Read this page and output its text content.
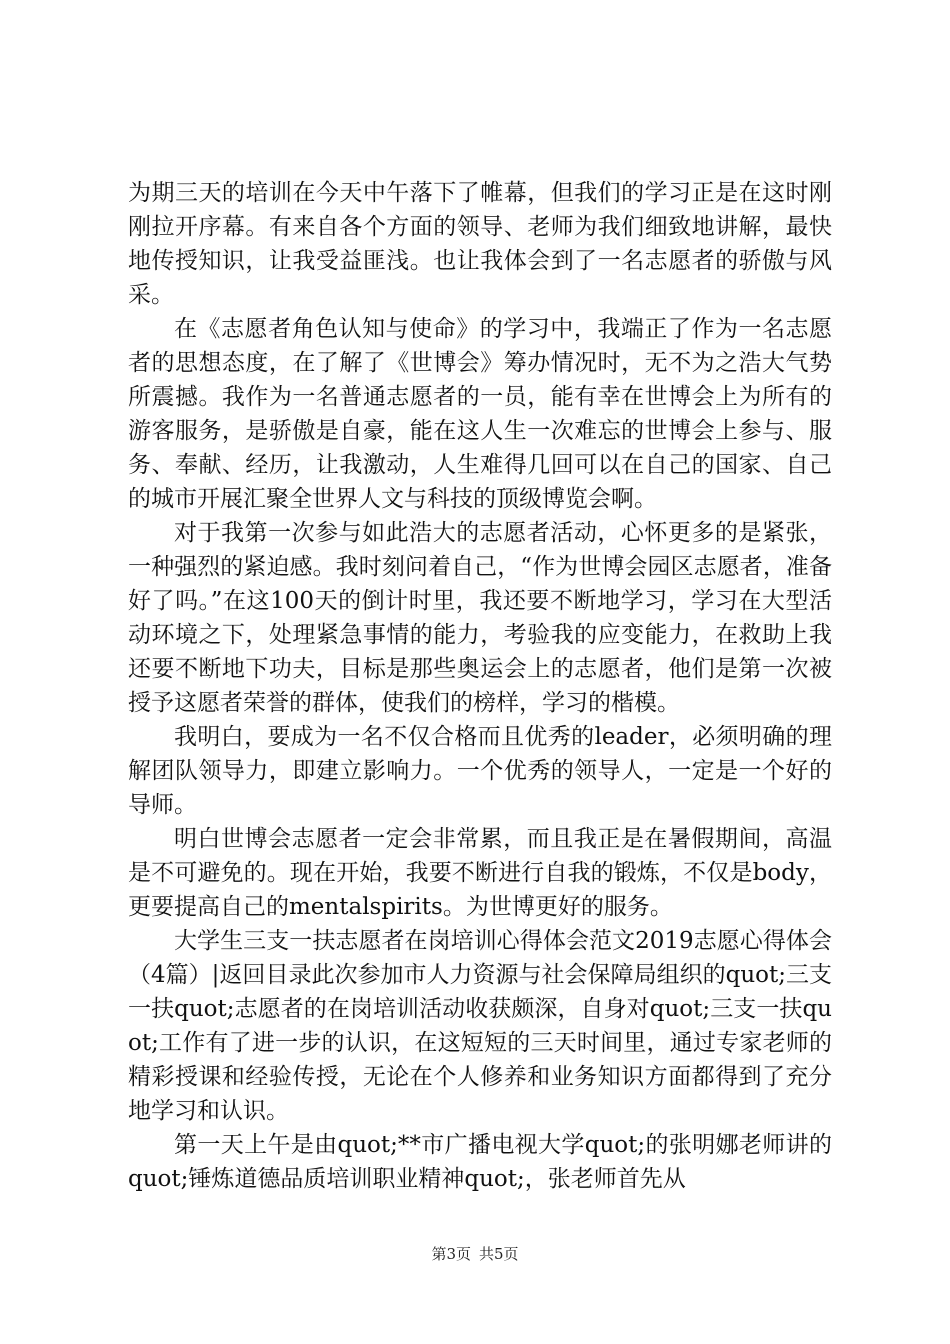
为期三天的培训在今天中午落下了帷幕，但我们的学习正是在这时刚刚拉开序幕。有来自各个方面的领导、老师为我们细致地讲解，最快地传授知识，让我受益匪浅。也让我体会到了一名志愿者的骄傲与风采。

在《志愿者角色认知与使命》的学习中，我端正了作为一名志愿者的思想态度，在了解了《世博会》筹办情况时，无不为之浩大气势所震撼。我作为一名普通志愿者的一员，能有幸在世博会上为所有的游客服务，是骄傲是自豪，能在这人生一次难忘的世博会上参与、服务、奉献、经历，让我激动，人生难得几回可以在自己的国家、自己的城市开展汇聚全世界人文与科技的顶级博览会啊。

对于我第一次参与如此浩大的志愿者活动，心怀更多的是紧张，一种强烈的紧迫感。我时刻问着自己，“作为世博会园区志愿者，准备好了吗。”在这100天的倒计时里，我还要不断地学习，学习在大型活动环境之下，处理紧急事情的能力，考验我的应变能力，在救助上我还要不断地下功夫，目标是那些奥运会上的志愿者，他们是第一次被授予这愿者荣誉的群体，使我们的榜样，学习的楷模。

我明白，要成为一名不仅合格而且优秀的leader，必须明确的理解团队领导力，即建立影响力。一个优秀的领导人，一定是一个好的导师。

明白世博会志愿者一定会非常累，而且我正是在暑假期间，高温是不可避免的。现在开始，我要不断进行自我的锻炼，不仅是body，更要提高自己的mentalspirits。为世博更好的服务。

大学生三支一扶志愿者在岗培训心得体会范文2019志愿心得体会（4篇）|返回目录此次参加市人力资源与社会保障局组织的quot;三支一扶quot;志愿者的在岗培训活动收获颇深，自身对quot;三支一扶quot;工作有了进一步的认识，在这短短的三天时间里，通过专家老师的精彩授课和经验传授，无论在个人修养和业务知识方面都得到了充分地学习和认识。

第一天上午是由quot;**市广播电视大学quot;的张明娜老师讲的quot;锤炼道德品质培训职业精神quot;，张老师首先从

第3页 共5页
